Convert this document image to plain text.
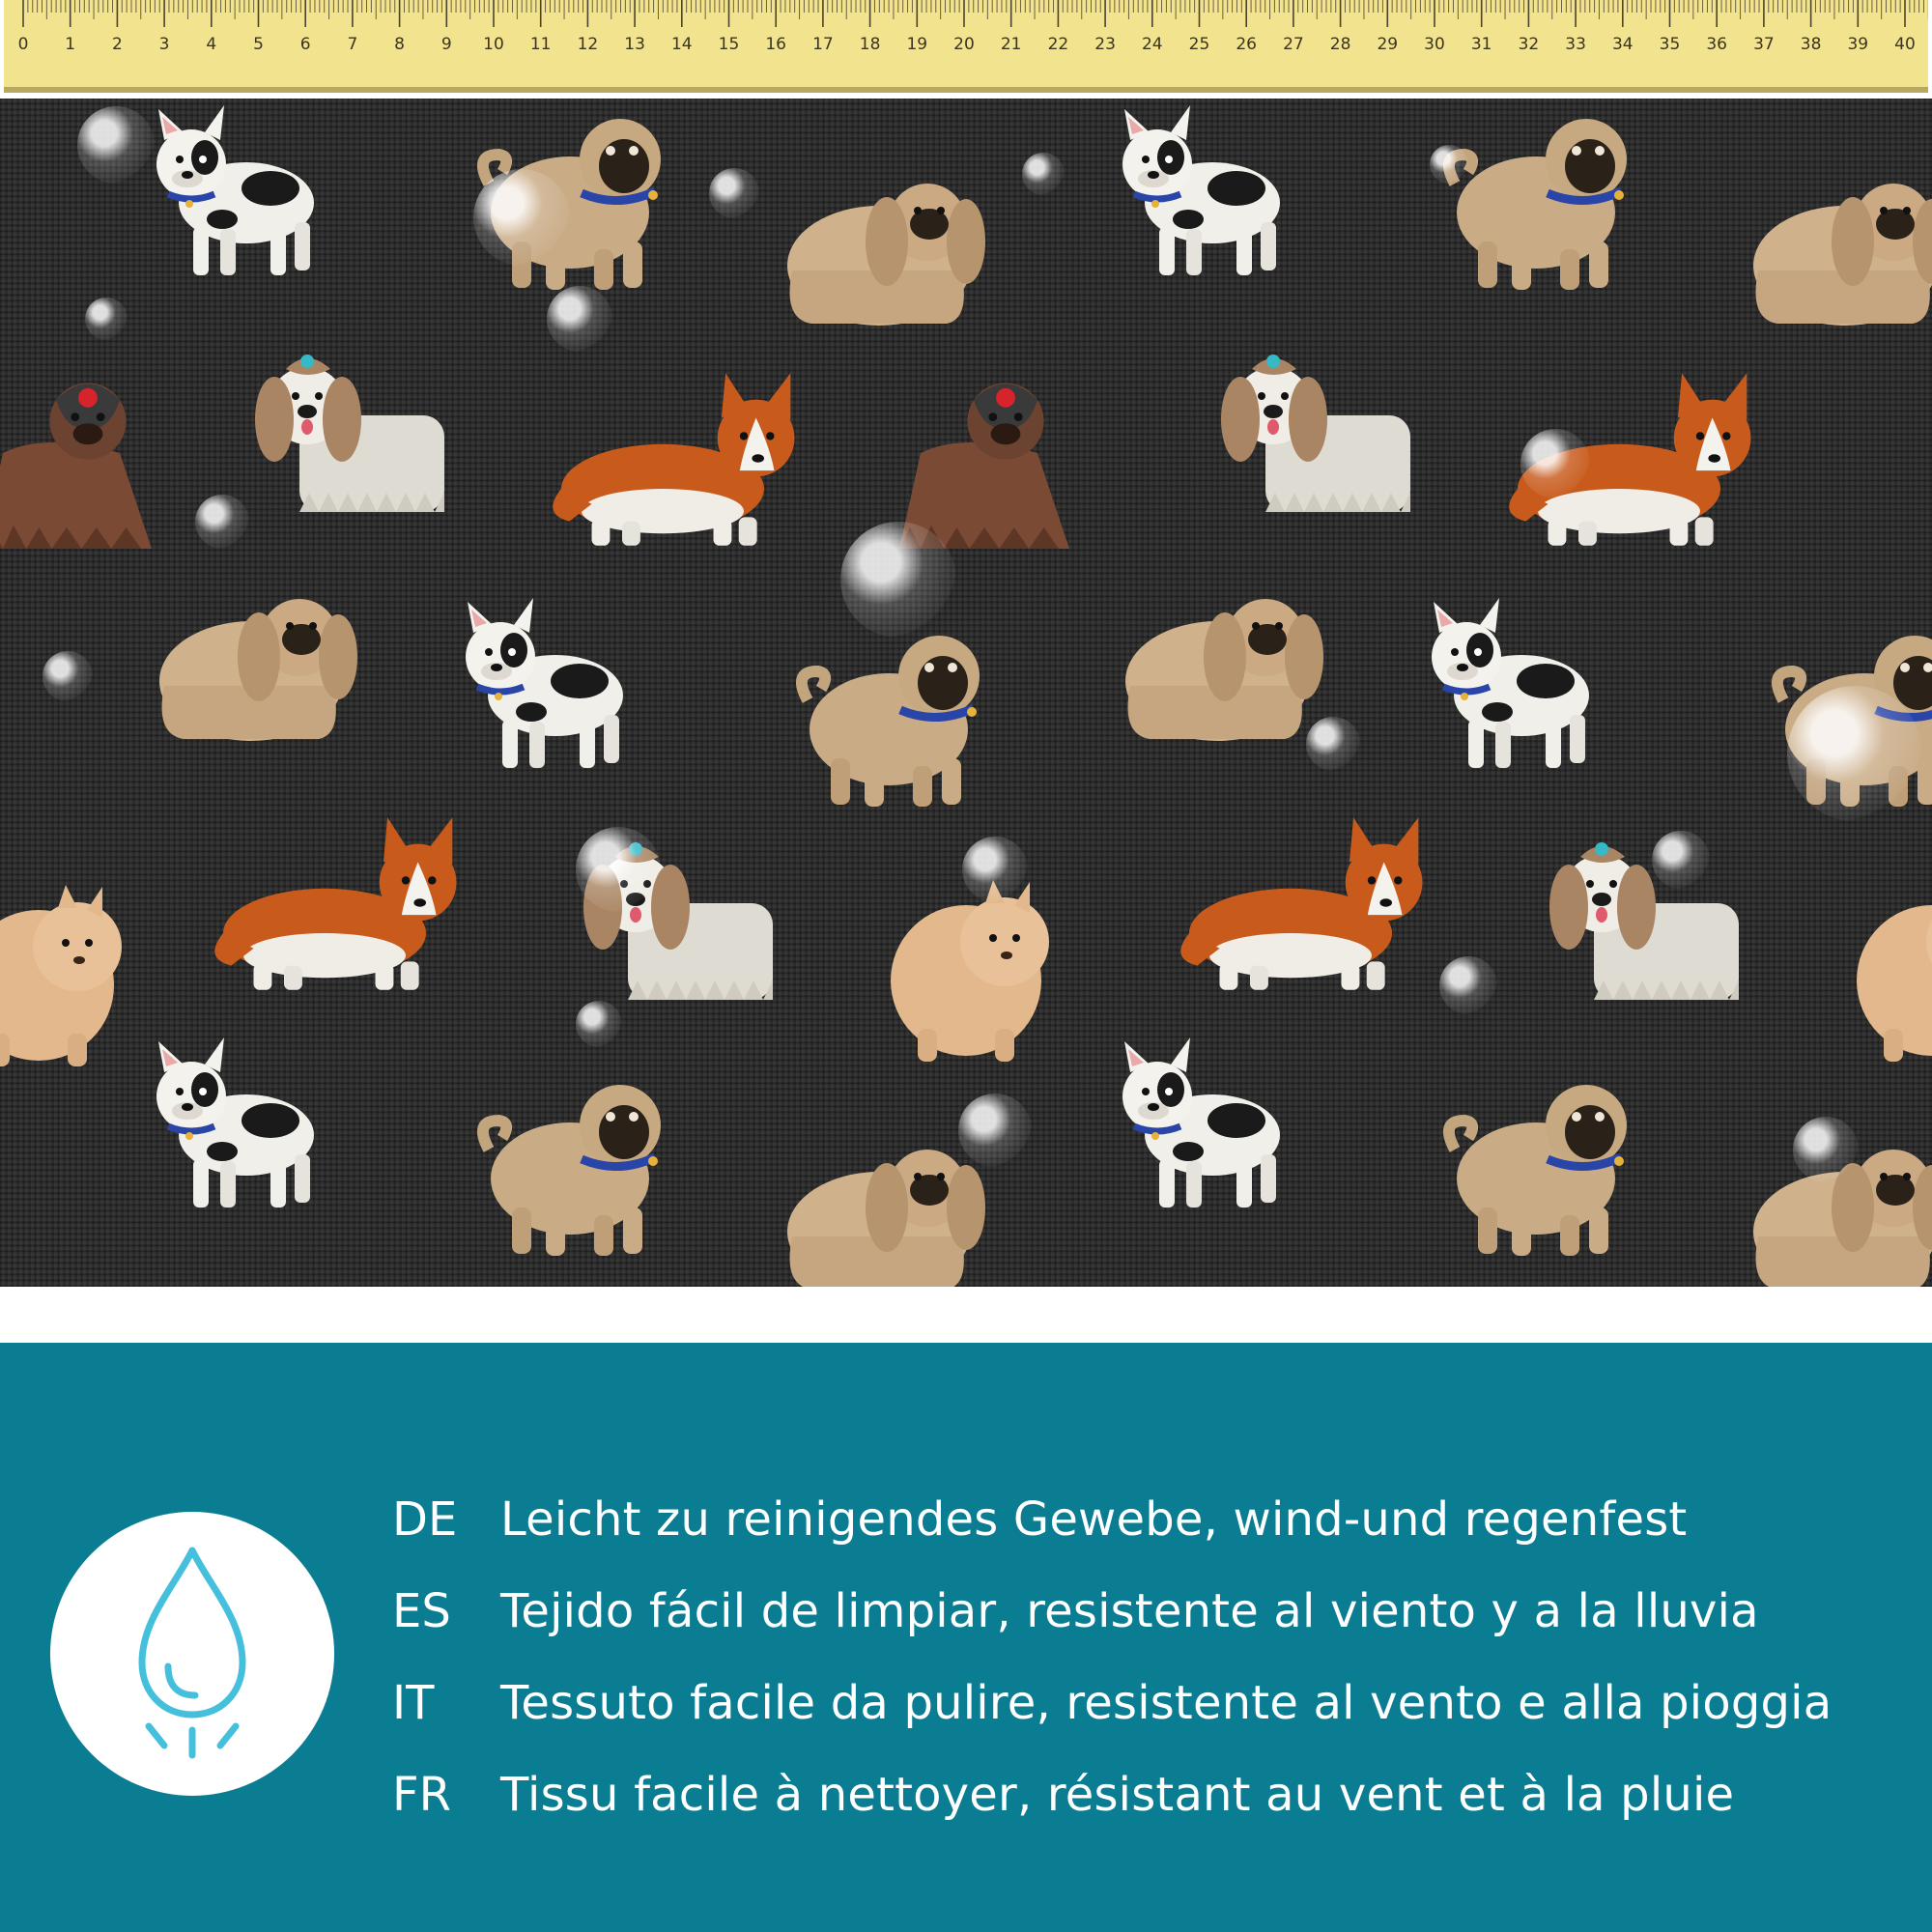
0 1 2 3 4 5 6 7 8 9 10 11 12 13 14 15 16 17 18 19 20 21 22 23 24 25 26 27 28 29 30 31 32 33 34 35 36 37 38 39 40
DE Leicht zu reinigendes Gewebe, wind-und regenfest
ES	Tejido fácil de limpiar, resistente al viento y a la lluvia
IT	Tessuto facile da pulire, resistente al vento e alla pioggia
FR	Tissu facile à nettoyer, résistant au vent et à la pluie
